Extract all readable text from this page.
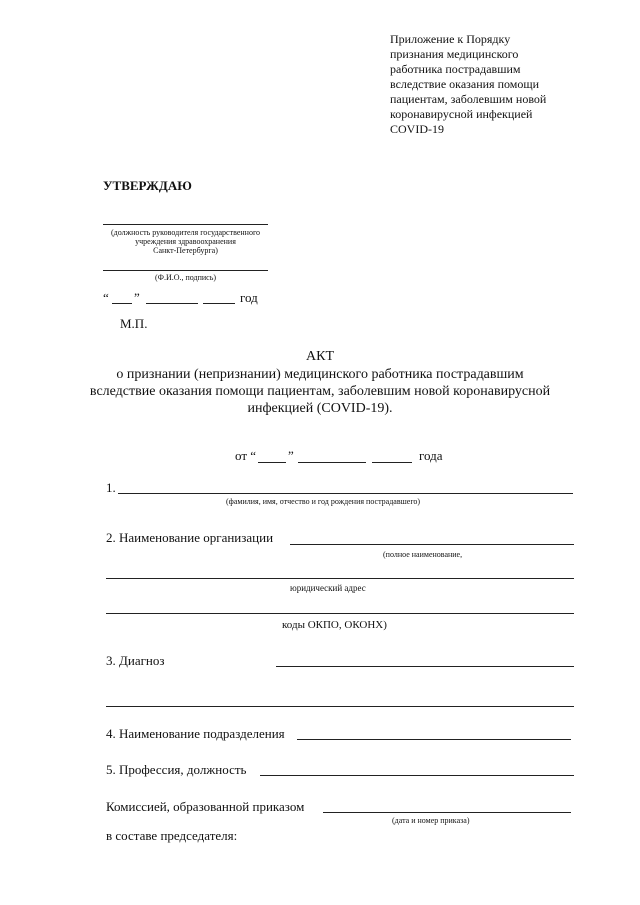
Приложение к Порядку
признания медицинского
работника пострадавшим
вследствие оказания помощи
пациентам, заболевшим новой
коронавирусной инфекцией
COVID-19
УТВЕРЖДАЮ
(должность руководителя государственного
учреждения здравоохранения
Санкт-Петербурга)
(Ф.И.О., подпись)
“ ”	год
М.П.
АКТ
о признании (непризнании) медицинского работника пострадавшим
вследствие оказания помощи пациентам, заболевшим новой коронавирусной
инфекцией (COVID-19).
от “ ”	года
1.
(фамилия, имя, отчество и год рождения пострадавшего)
2. Наименование организации
(полное наименование,
юридический адрес
коды ОКПО, ОКОНХ)
3. Диагноз
4. Наименование подразделения
5. Профессия, должность
Комиссией, образованной приказом
(дата и номер приказа)
в составе председателя:
